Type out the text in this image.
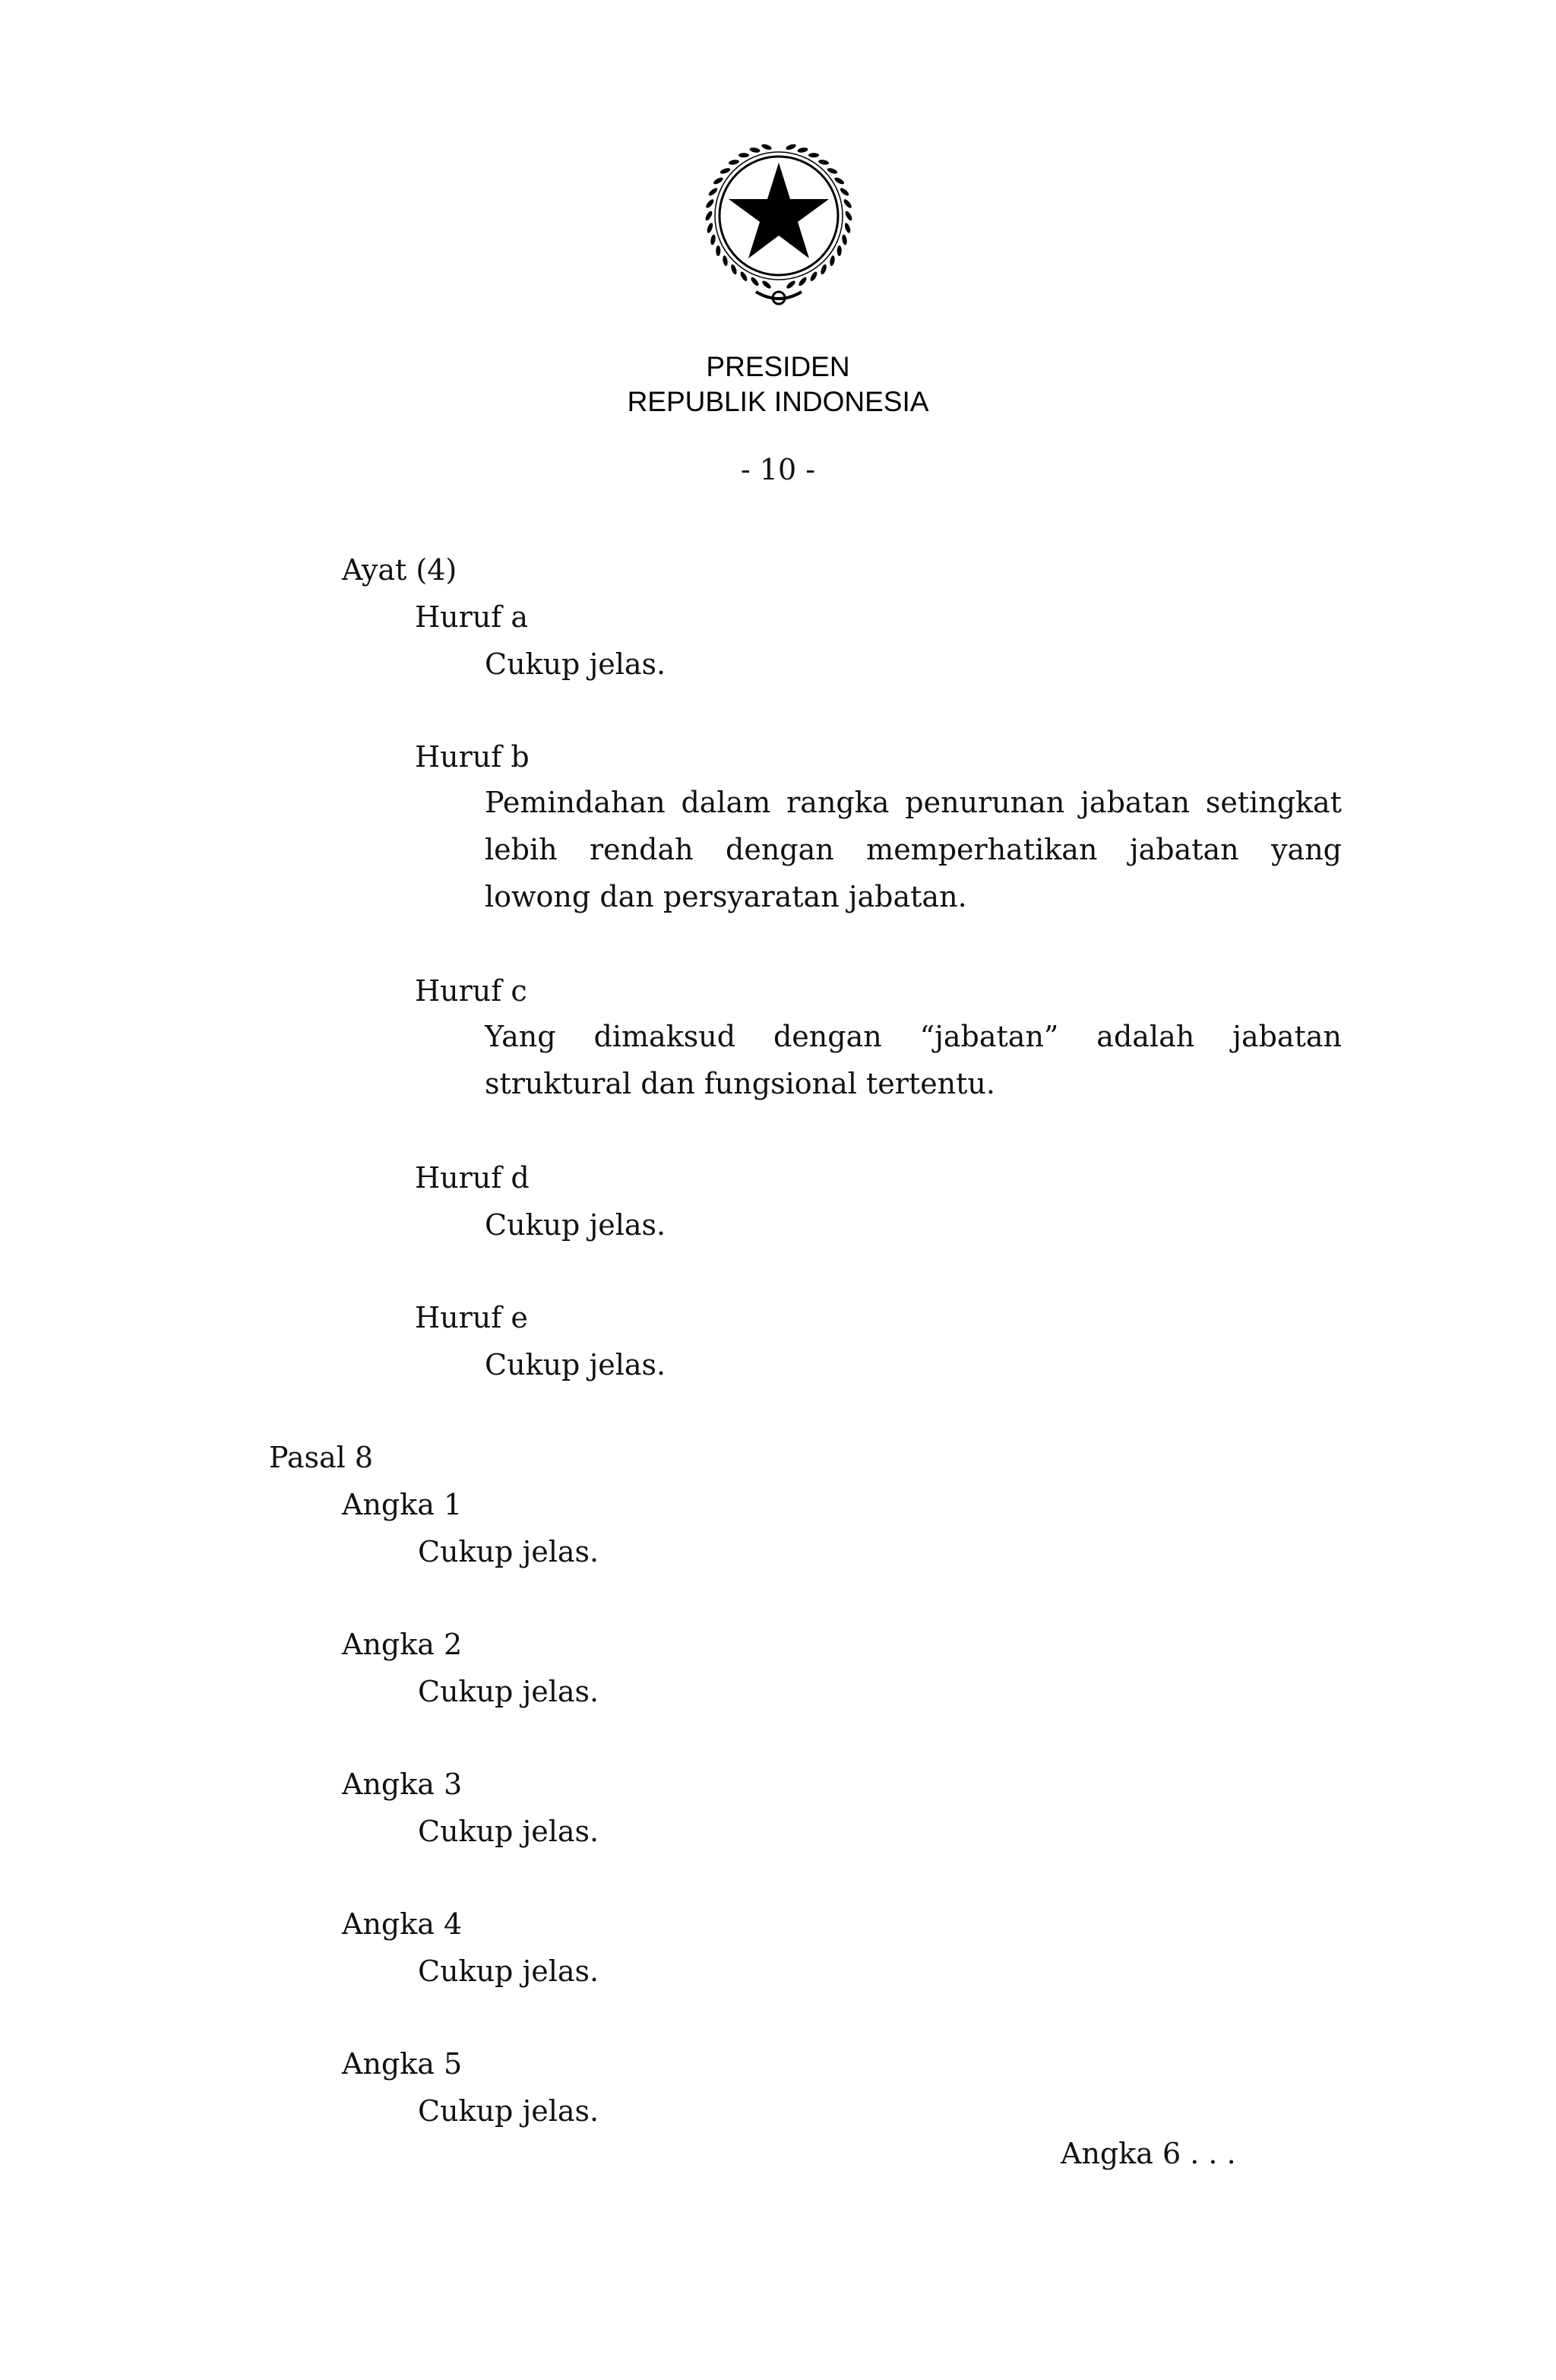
PRESIDEN
REPUBLIK INDONESIA
- 10 -
Ayat (4)
Huruf a
Cukup jelas.
Huruf b
Pemindahan dalam rangka penurunan jabatan setingkat
lebih rendah dengan memperhatikan jabatan yang
lowong dan persyaratan jabatan.
Huruf c
Yang dimaksud dengan “jabatan” adalah jabatan
struktural dan fungsional tertentu.
Huruf d
Cukup jelas.
Huruf e
Cukup jelas.
Pasal 8
Angka 1
Cukup jelas.
Angka 2
Cukup jelas.
Angka 3
Cukup jelas.
Angka 4
Cukup jelas.
Angka 5
Cukup jelas.
Angka 6 . . .
